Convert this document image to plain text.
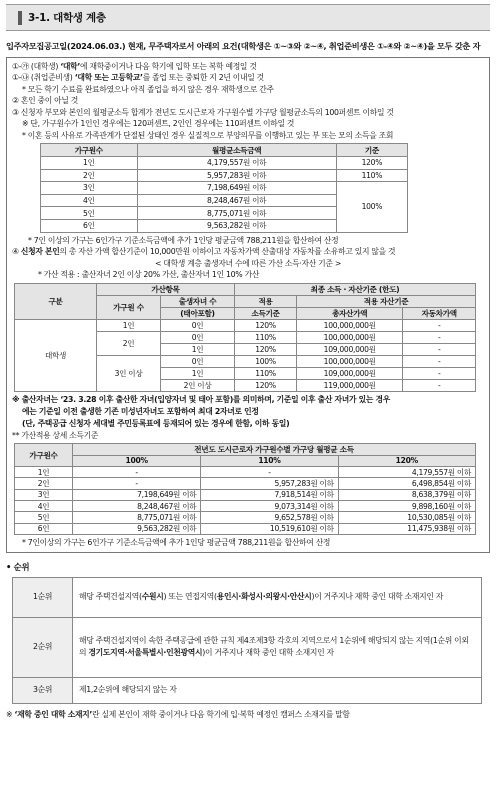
3-1. 대학생 계층
입주자모집공고일(2024.06.03.) 현재, 무주택자로서 아래의 요건(대학생은 ①~③와 ②~④, 취업준비생은 ①-④와 ②~④)을 모두 갖춘 자
①-㉮ (대학생) ‘대학’에 재학중이거나 다음 학기에 입학 또는 복학 예정일 것
①-㉯ (취업준비생) ‘대학 또는 고등학교’를 졸업 또는 중퇴한 지 2년 이내일 것
* 모든 학기 수료를 완료하였으나 아직 졸업을 하지 않은 경우 재학생으로 간주
② 혼인 중이 아닐 것
③ 신청자 부모와 본인의 월평균소득 합계가 전년도 도시근로자 가구원수별 가구당 월평균소득의 100퍼센트 이하일 것
※ 단, 가구원수가 1인인 경우에는 120퍼센트, 2인인 경우에는 110퍼센트 이하일 것
* 이혼 등의 사유로 가족관계가 단절된 상태인 경우 실질적으로 부양의무를 이행하고 있는 부 또는 모의 소득을 조회
가구원수	월평균소득금액	기준
1인	4,179,557원 이하	120%
2인	5,957,283원 이하	110%
3인	7,198,649원 이하	100%
4인	8,248,467원 이하	
5인	8,775,071원 이하	
6인	9,563,282원 이하	
* 7인 이상의 가구는 6인가구 기준소득금액에 추가 1인당 평균금액 788,211원을 합산하여 산정
④ 신청자 본인의 총 자산 가액 합산기준이 10,000만원 이하이고 자동차가액 산출대상 자동차를 소유하고 있지 않을 것
< 대학생 계층 출생자녀 수에 따른 가산 소득·자산 기준 >
* 가산 적용 : 출산자녀 2인 이상 20% 가산, 출산자녀 1인 10% 가산
구분	가산항목		최종 소득 · 자산기준 (한도)		
	가구원 수	출생자녀 수	적용	적용 자산기준	
		(태아포함)	소득기준	총자산가액	자동차가액
대학생	1인	0인	120%	100,000,000원	-
	2인	0인	110%	100,000,000원	-
		1인	120%	109,000,000원	-
	3인 이상	0인	100%	100,000,000원	-
		1인	110%	109,000,000원	-
		2인 이상	120%	119,000,000원	-
※ 출산자녀는 ‘23. 3.28 이후 출산한 자녀(입양자녀 및 태아 포함)를 의미하며, 기준일 이후 출산 자녀가 있는 경우
에는 기준일 이전 출생한 기존 미성년자녀도 포함하여 최대 2자녀로 인정
(단, 주택공급 신청자 세대별 주민등록표에 등재되어 있는 경우에 한함, 이하 동일)
** 가산적용 상세 소득기준
가구원수	전년도 도시근로자 가구원수별 가구당 월평균 소득		
	100%	110%	120%
1인	-	-	4,179,557원 이하
2인	-	5,957,283원 이하	6,498,854원 이하
3인	7,198,649원 이하	7,918,514원 이하	8,638,379원 이하
4인	8,248,467원 이하	9,073,314원 이하	9,898,160원 이하
5인	8,775,071원 이하	9,652,578원 이하	10,530,085원 이하
6인	9,563,282원 이하	10,519,610원 이하	11,475,938원 이하
* 7인이상의 가구는 6인가구 기준소득금액에 추가 1인당 평균금액 788,211원을 합산하여 산정
• 순위
1순위	해당 주택건설지역(수원시) 또는 연접지역(용인시·화성시·의왕시·안산시)이 거주지나 재학 중인 대학 소재지인 자
2순위	해당 주택건설지역이 속한 주택공급에 관한 규칙 제4조제3항 각호의 지역으로서 1순위에 해당되지 않는 지역(1순위 이외의 경기도지역·서울특별시·인천광역시)이 거주지나 재학 중인 대학 소재지인 자
3순위	제1,2순위에 해당되지 않는 자
※ ‘재학 중인 대학 소재지’란 실제 본인이 재학 중이거나 다음 학기에 입·복학 예정인 캠퍼스 소재지를 말함
